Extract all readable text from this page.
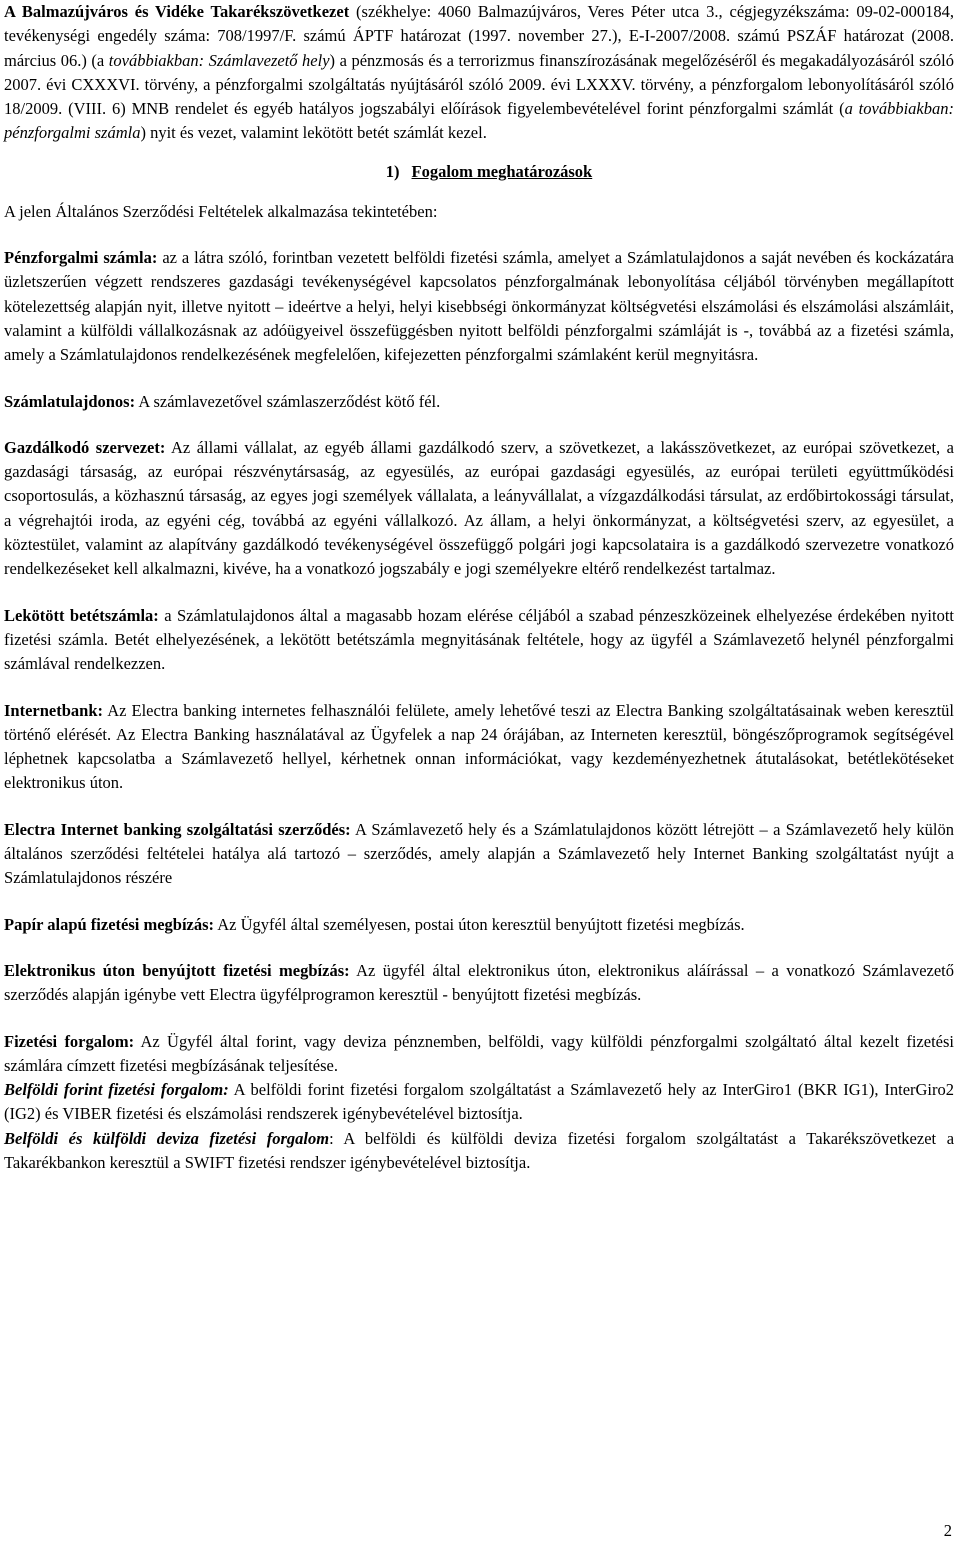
A Balmazújváros és Vidéke Takarékszövetkezet (székhelye: 4060 Balmazújváros, Veres Péter utca 3., cégjegyzékszáma: 09-02-000184, tevékenységi engedély száma: 708/1997/F. számú ÁPTF határozat (1997. november 27.), E-I-2007/2008. számú PSZÁF határozat (2008. március 06.) (a továbbiakban: Számlavezető hely) a pénzmosás és a terrorizmus finanszírozásának megelőzéséről és megakadályozásáról szóló 2007. évi CXXXVI. törvény, a pénzforgalmi szolgáltatás nyújtásáról szóló 2009. évi LXXXV. törvény, a pénzforgalom lebonyolításáról szóló 18/2009. (VIII. 6) MNB rendelet és egyéb hatályos jogszabályi előírások figyelembevételével forint pénzforgalmi számlát (a továbbiakban: pénzforgalmi számla) nyit és vezet, valamint lekötött betét számlát kezel.

1) Fogalom meghatározások

A jelen Általános Szerződési Feltételek alkalmazása tekintetében:

Pénzforgalmi számla: az a látra szóló, forintban vezetett belföldi fizetési számla, amelyet a Számlatulajdonos a saját nevében és kockázatára üzletszerűen végzett rendszeres gazdasági tevékenységével kapcsolatos pénzforgalmának lebonyolítása céljából törvényben megállapított kötelezettség alapján nyit, illetve nyitott – ideértve a helyi, helyi kisebbségi önkormányzat költségvetési elszámolási és elszámolási alszámláit, valamint a külföldi vállalkozásnak az adóügyeivel összefüggésben nyitott belföldi pénzforgalmi számláját is -, továbbá az a fizetési számla, amely a Számlatulajdonos rendelkezésének megfelelően, kifejezetten pénzforgalmi számlaként kerül megnyitásra.

Számlatulajdonos: A számlavezetővel számlaszerződést kötő fél.

Gazdálkodó szervezet: Az állami vállalat, az egyéb állami gazdálkodó szerv, a szövetkezet, a lakásszövetkezet, az európai szövetkezet, a gazdasági társaság, az európai részvénytársaság, az egyesülés, az európai gazdasági egyesülés, az európai területi együttműködési csoportosulás, a közhasznú társaság, az egyes jogi személyek vállalata, a leányvállalat, a vízgazdálkodási társulat, az erdőbirtokossági társulat, a végrehajtói iroda, az egyéni cég, továbbá az egyéni vállalkozó. Az állam, a helyi önkormányzat, a költségvetési szerv, az egyesület, a köztestület, valamint az alapítvány gazdálkodó tevékenységével összefüggő polgári jogi kapcsolataira is a gazdálkodó szervezetre vonatkozó rendelkezéseket kell alkalmazni, kivéve, ha a vonatkozó jogszabály e jogi személyekre eltérő rendelkezést tartalmaz.

Lekötött betétszámla: a Számlatulajdonos által a magasabb hozam elérése céljából a szabad pénzeszközeinek elhelyezése érdekében nyitott fizetési számla. Betét elhelyezésének, a lekötött betétszámla megnyitásának feltétele, hogy az ügyfél a Számlavezető helynél pénzforgalmi számlával rendelkezzen.

Internetbank: Az Electra banking internetes felhasználói felülete, amely lehetővé teszi az Electra Banking szolgáltatásainak weben keresztül történő elérését. Az Electra Banking használatával az Ügyfelek a nap 24 órájában, az Interneten keresztül, böngészőprogramok segítségével léphetnek kapcsolatba a Számlavezető hellyel, kérhetnek onnan információkat, vagy kezdeményezhetnek átutalásokat, betétlekötéseket elektronikus úton.

Electra Internet banking szolgáltatási szerződés: A Számlavezető hely és a Számlatulajdonos között létrejött – a Számlavezető hely külön általános szerződési feltételei hatálya alá tartozó – szerződés, amely alapján a Számlavezető hely Internet Banking szolgáltatást nyújt a Számlatulajdonos részére

Papír alapú fizetési megbízás: Az Ügyfél által személyesen, postai úton keresztül benyújtott fizetési megbízás.

Elektronikus úton benyújtott fizetési megbízás: Az ügyfél által elektronikus úton, elektronikus aláírással – a vonatkozó Számlavezető szerződés alapján igénybe vett Electra ügyfélprogramon keresztül - benyújtott fizetési megbízás.

Fizetési forgalom: Az Ügyfél által forint, vagy deviza pénznemben, belföldi, vagy külföldi pénzforgalmi szolgáltató által kezelt fizetési számlára címzett fizetési megbízásának teljesítése.

Belföldi forint fizetési forgalom: A belföldi forint fizetési forgalom szolgáltatást a Számlavezető hely az InterGiro1 (BKR IG1), InterGiro2 (IG2) és VIBER fizetési és elszámolási rendszerek igénybevételével biztosítja.

Belföldi és külföldi deviza fizetési forgalom: A belföldi és külföldi deviza fizetési forgalom szolgáltatást a Takarékszövetkezet a Takarékbankon keresztül a SWIFT fizetési rendszer igénybevételével biztosítja.

2
